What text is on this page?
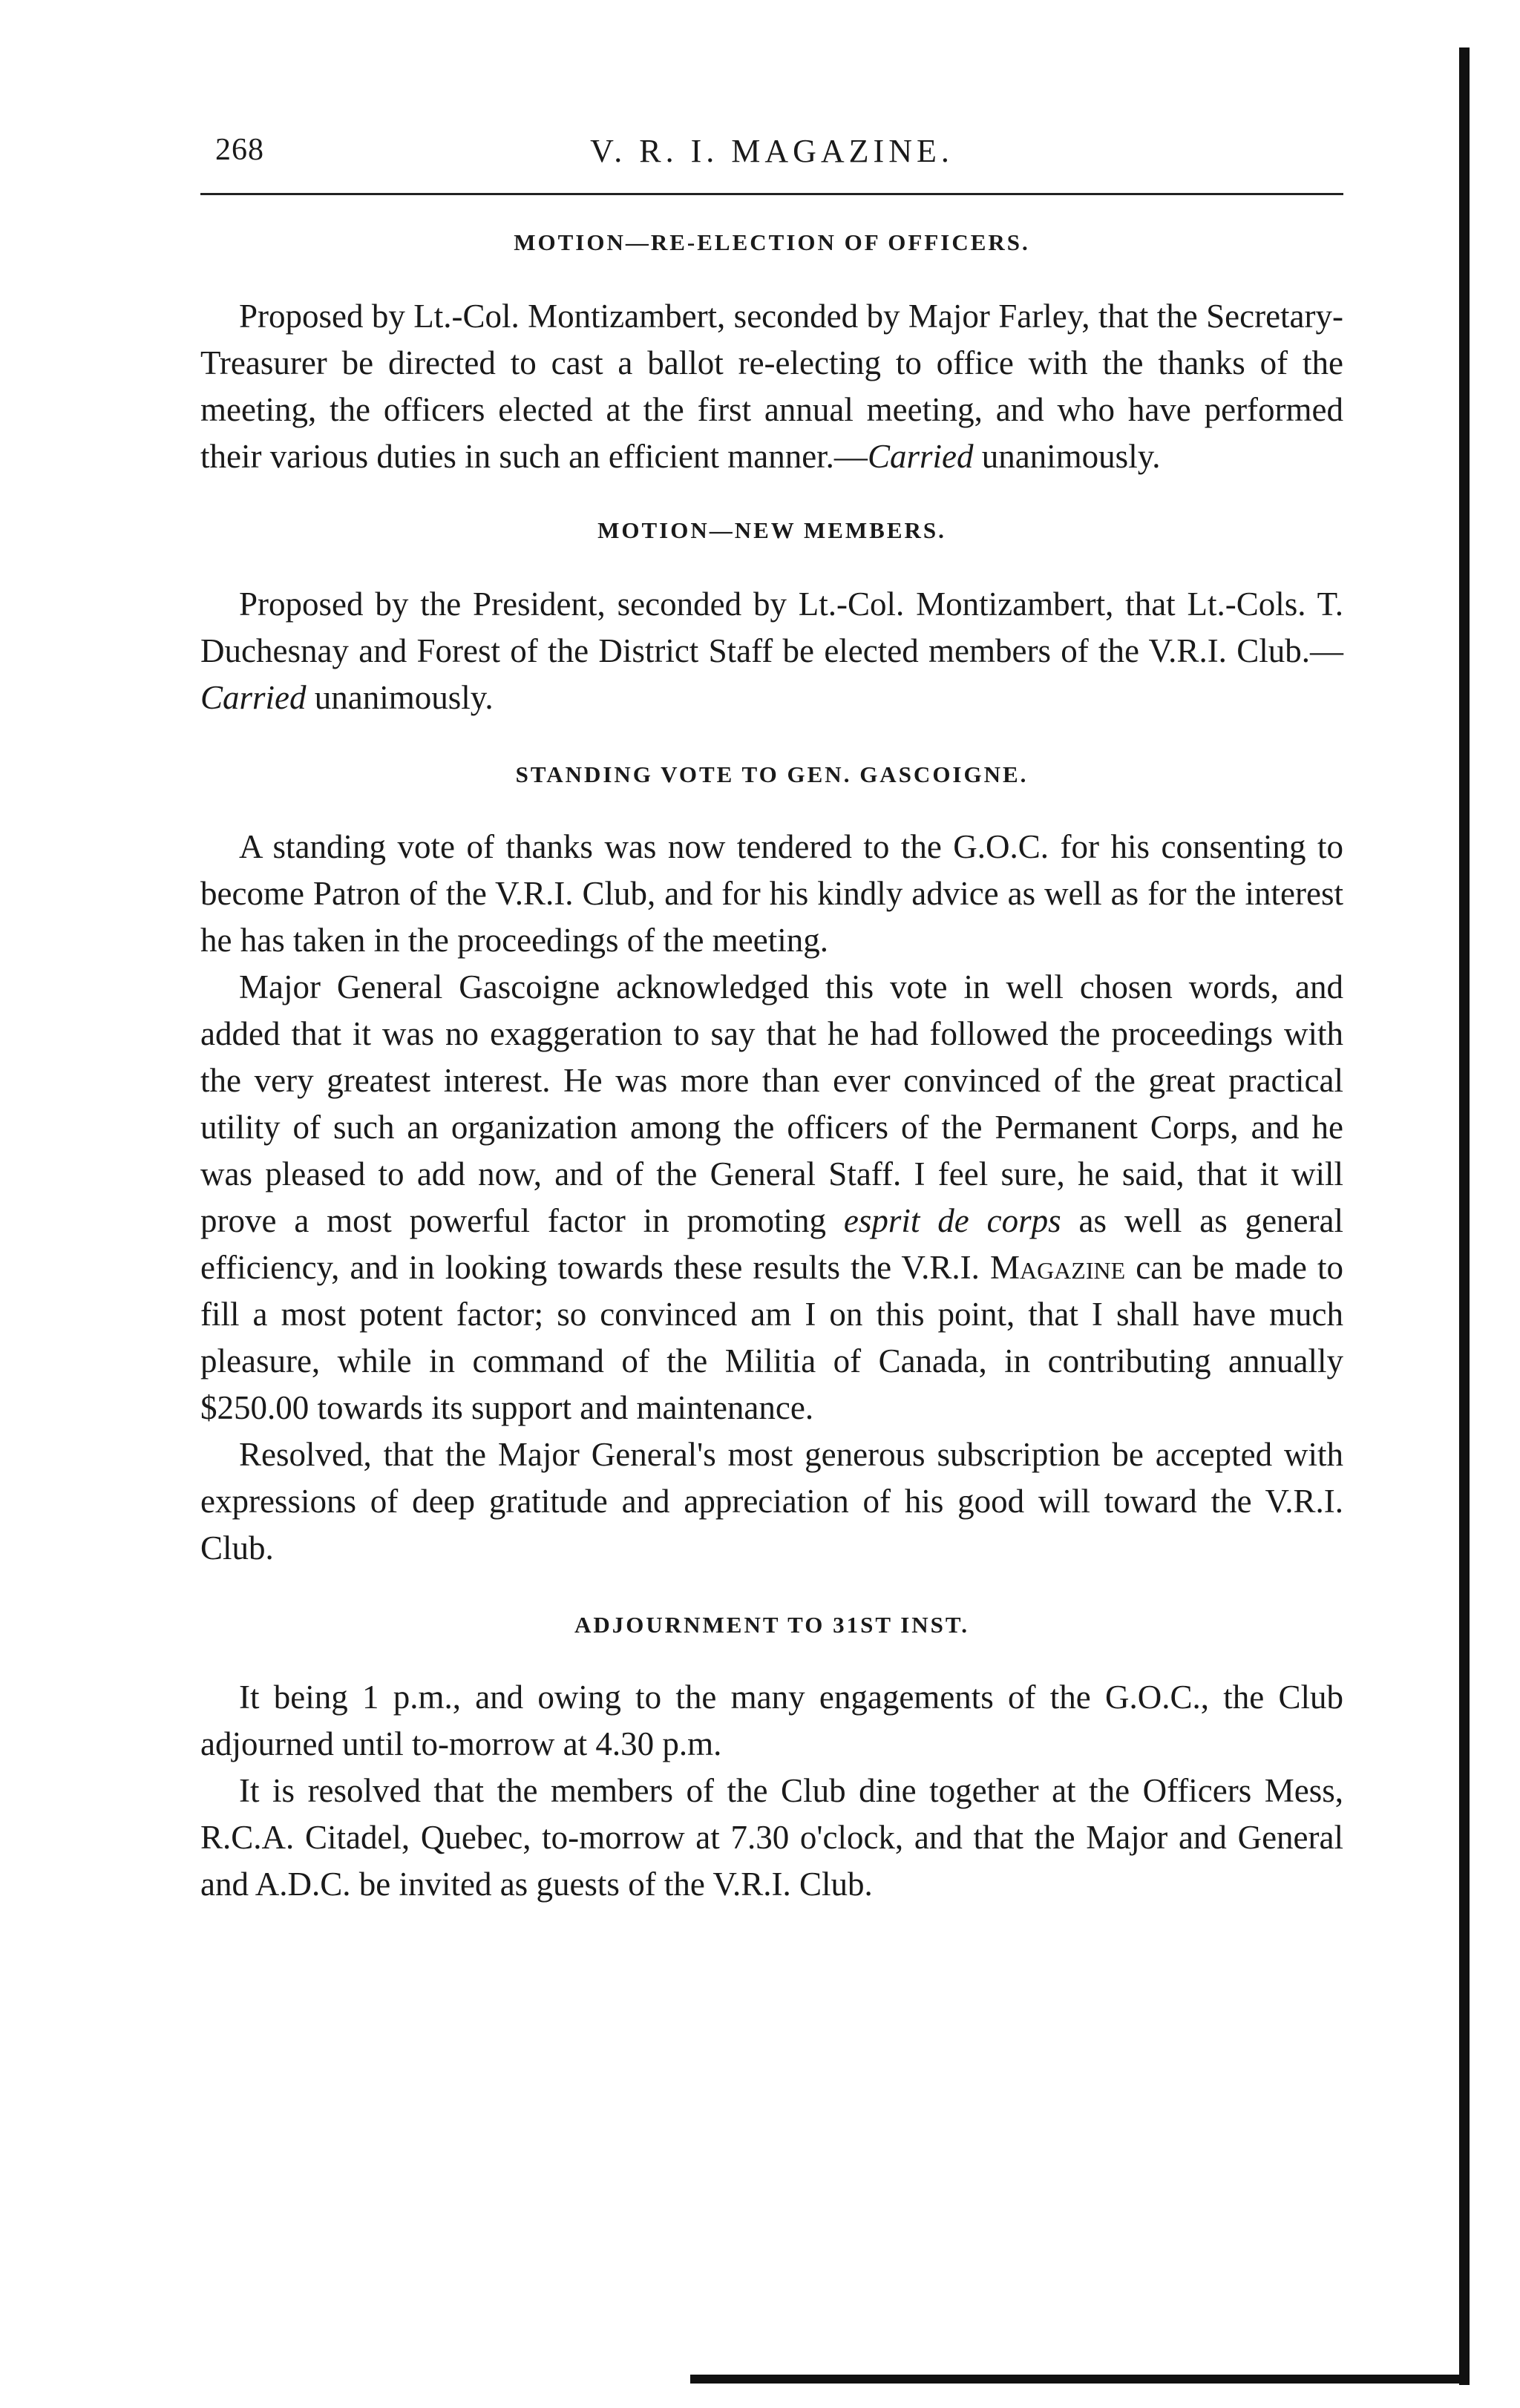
268	V. R. I. MAGAZINE.
MOTION—RE-ELECTION OF OFFICERS.

Proposed by Lt.-Col. Montizambert, seconded by Major Farley, that the Secretary-Treasurer be directed to cast a ballot re-electing to office with the thanks of the meeting, the officers elected at the first annual meeting, and who have performed their various duties in such an efficient manner.—Carried unanimously.

MOTION—NEW MEMBERS.

Proposed by the President, seconded by Lt.-Col. Montizambert, that Lt.-Cols. T. Duchesnay and Forest of the District Staff be elected members of the V.R.I. Club.—Carried unanimously.

STANDING VOTE TO GEN. GASCOIGNE.

A standing vote of thanks was now tendered to the G.O.C. for his consenting to become Patron of the V.R.I. Club, and for his kindly advice as well as for the interest he has taken in the proceedings of the meeting.

Major General Gascoigne acknowledged this vote in well chosen words, and added that it was no exaggeration to say that he had followed the proceedings with the very greatest interest. He was more than ever convinced of the great practical utility of such an organization among the officers of the Permanent Corps, and he was pleased to add now, and of the General Staff. I feel sure, he said, that it will prove a most powerful factor in promoting esprit de corps as well as general efficiency, and in looking towards these results the V.R.I. Magazine can be made to fill a most potent factor; so convinced am I on this point, that I shall have much pleasure, while in command of the Militia of Canada, in contributing annually $250.00 towards its support and maintenance.

Resolved, that the Major General's most generous subscription be accepted with expressions of deep gratitude and appreciation of his good will toward the V.R.I. Club.

ADJOURNMENT TO 31ST INST.

It being 1 p.m., and owing to the many engagements of the G.O.C., the Club adjourned until to-morrow at 4.30 p.m.

It is resolved that the members of the Club dine together at the Officers Mess, R.C.A. Citadel, Quebec, to-morrow at 7.30 o'clock, and that the Major and General and A.D.C. be invited as guests of the V.R.I. Club.
